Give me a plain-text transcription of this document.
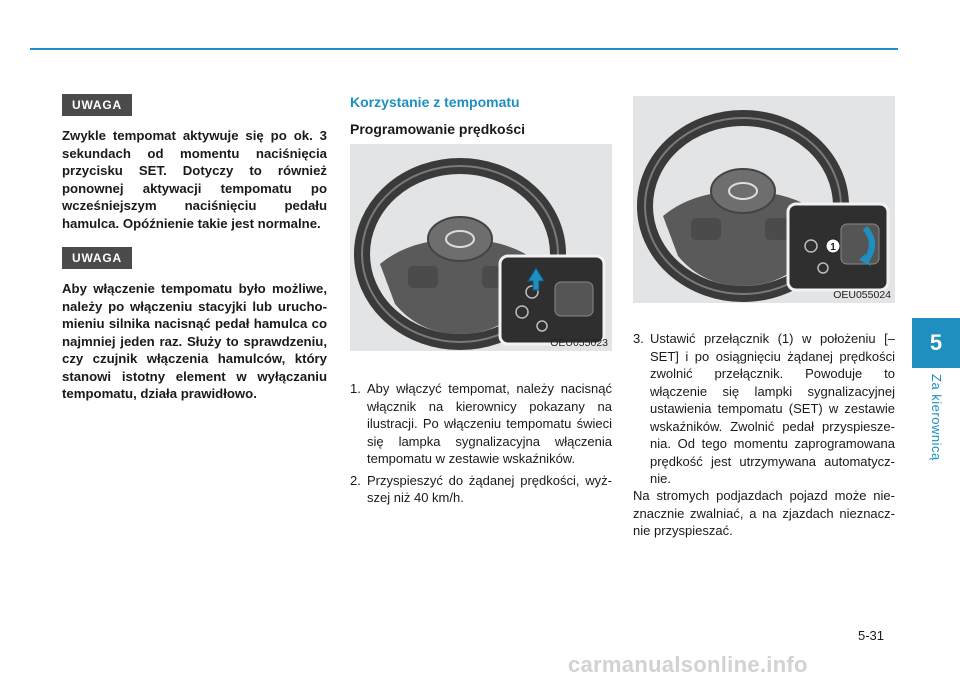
UWAGA

Zwykle tempomat aktywuje się po ok. 3 sekundach od momentu naciśnięcia przycisku SET. Dotyczy to również ponownej aktywacji tempomatu po wcześniejszym naciśnięciu pedału hamulca. Opóźnienie takie jest normalne.

UWAGA

Aby włączenie tempomatu było możliwe, należy po włączeniu stacyjki lub uruchomieniu silnika nacisnąć pedał hamulca co najmniej jeden raz. Służy to sprawdzeniu, czy czujnik włączenia hamulców, który stanowi istotny element w wyłączaniu tempomatu, działa prawidłowo.

Korzystanie z tempomatu
Programowanie prędkości
OEU055023
1. Aby włączyć tempomat, należy nacisnąć włącznik na kierownicy pokazany na ilustracji. Po włączeniu tempomatu świeci się lampka sygnalizacyjna włączenia tempomatu w zestawie wskaźników.
2. Przyspieszyć do żądanej prędkości, wyższej niż 40 km/h.
1
OEU055024
3. Ustawić przełącznik (1) w położeniu [–SET] i po osiągnięciu żądanej prędkości zwolnić przełącznik. Powoduje to włączenie się lampki sygnalizacyjnej ustawienia tempomatu (SET) w zestawie wskaźników. Zwolnić pedał przyspieszenia. Od tego momentu zaprogramowana prędkość jest utrzymywana automatycznie.

Na stromych podjazdach pojazd może nieznacznie zwalniać, a na zjazdach nieznacznie przyspieszać.

5
Za kierownicą
5-31
carmanualsonline.info
